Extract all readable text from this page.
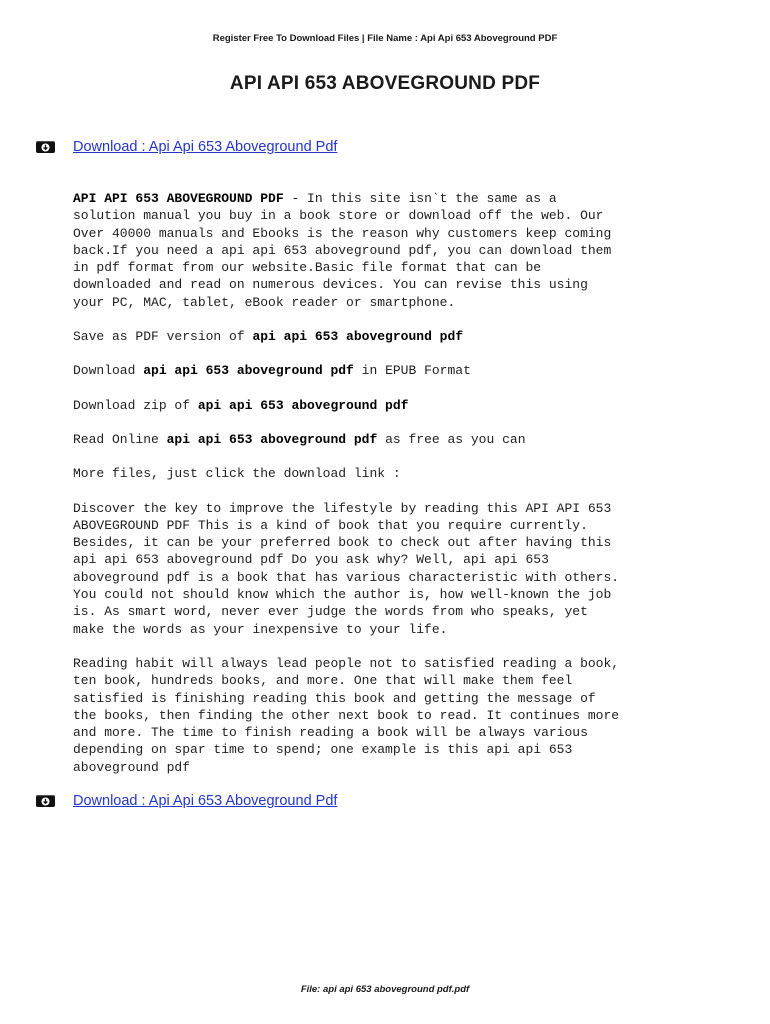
Register Free To Download Files | File Name : Api Api 653 Aboveground PDF
API API 653 ABOVEGROUND PDF
Download : Api Api 653 Aboveground Pdf

API API 653 ABOVEGROUND PDF - In this site isn`t the same as a
solution manual you buy in a book store or download off the web. Our
Over 40000 manuals and Ebooks is the reason why customers keep coming
back.If you need a api api 653 aboveground pdf, you can download them
in pdf format from our website.Basic file format that can be
downloaded and read on numerous devices. You can revise this using
your PC, MAC, tablet, eBook reader or smartphone.

Save as PDF version of api api 653 aboveground pdf

Download api api 653 aboveground pdf in EPUB Format

Download zip of api api 653 aboveground pdf

Read Online api api 653 aboveground pdf as free as you can

More files, just click the download link :

Discover the key to improve the lifestyle by reading this API API 653
ABOVEGROUND PDF This is a kind of book that you require currently.
Besides, it can be your preferred book to check out after having this
api api 653 aboveground pdf Do you ask why? Well, api api 653
aboveground pdf is a book that has various characteristic with others.
You could not should know which the author is, how well-known the job
is. As smart word, never ever judge the words from who speaks, yet
make the words as your inexpensive to your life.

Reading habit will always lead people not to satisfied reading a book,
ten book, hundreds books, and more. One that will make them feel
satisfied is finishing reading this book and getting the message of
the books, then finding the other next book to read. It continues more
and more. The time to finish reading a book will be always various
depending on spar time to spend; one example is this api api 653
aboveground pdf

Download : Api Api 653 Aboveground Pdf
File: api api 653 aboveground pdf.pdf
